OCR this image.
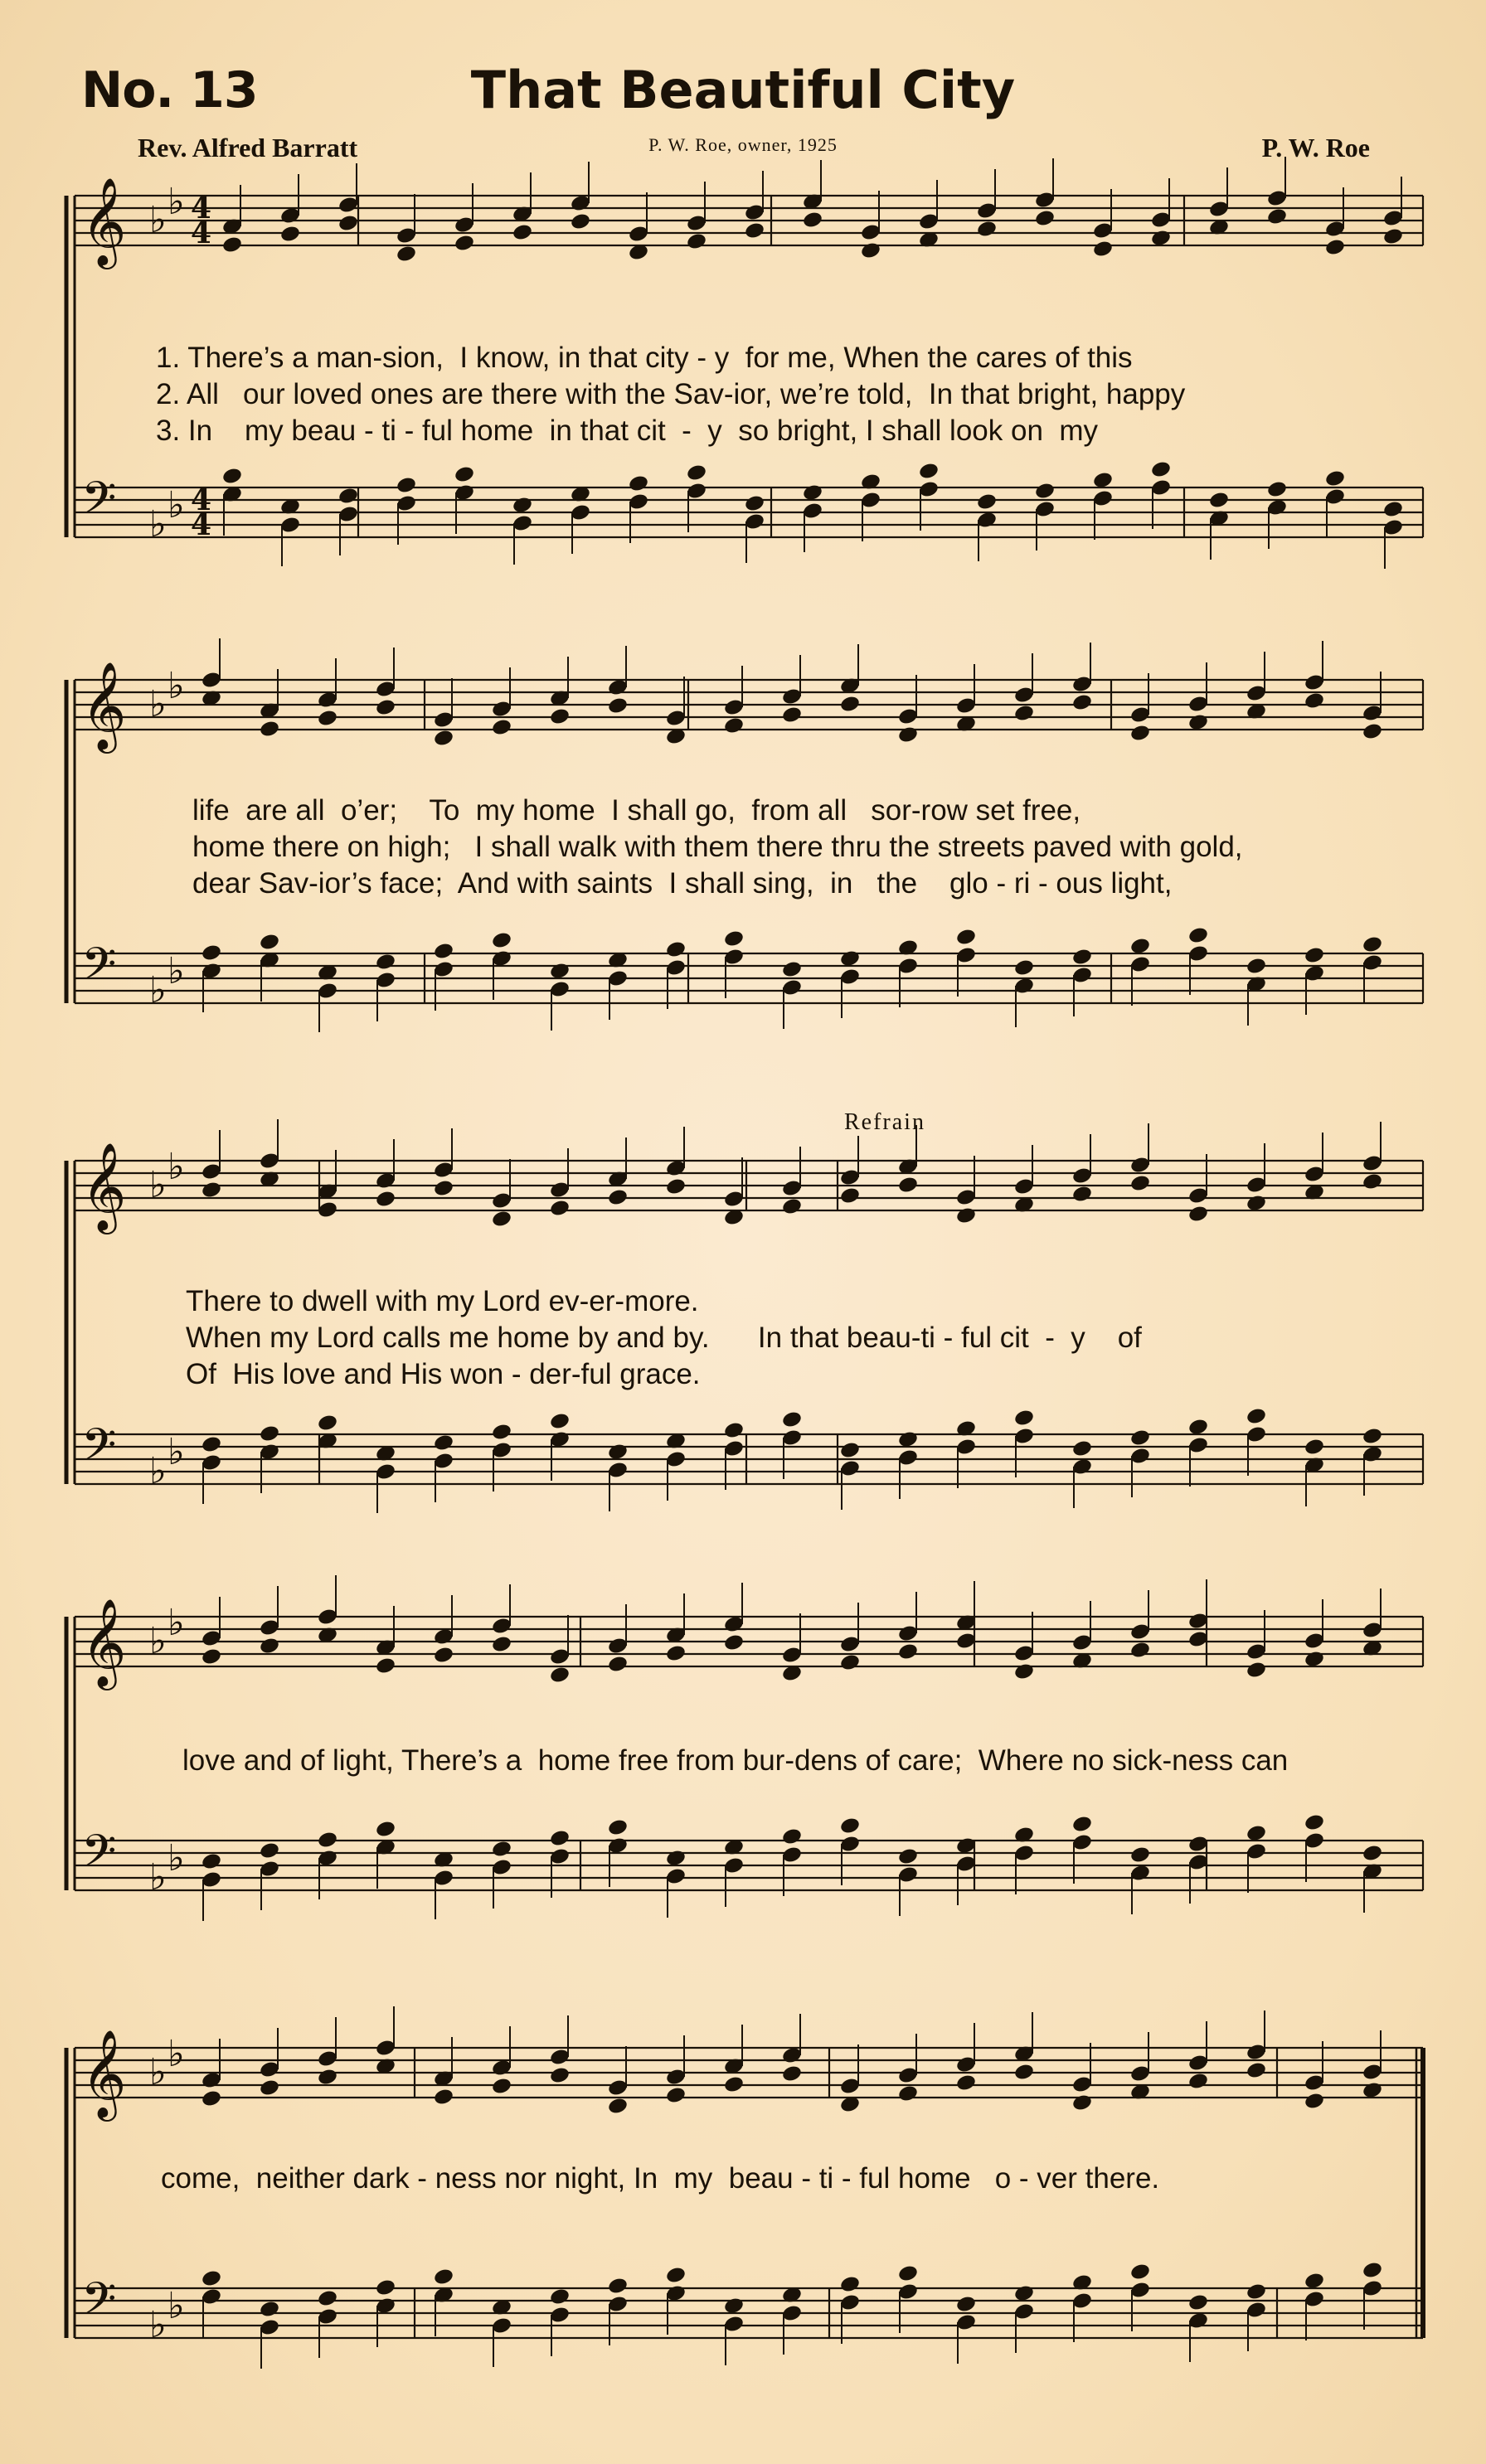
No. 13	That Beautiful City
Rev. Alfred Barratt	P. W. Roe, owner, 1925	P. W. Roe
𝄞 ♭ ♭ 4
4
𝄢 ♭ ♭ 4
4
𝄞 ♭ ♭
𝄢 ♭ ♭
𝄞 ♭ ♭
𝄢 ♭ ♭
𝄞 ♭ ♭
𝄢 ♭ ♭
𝄞 ♭ ♭
𝄢 ♭ ♭
Refrain
1. There’s a man-sion,  I know, in that city - y  for me, When the cares of this
2. All   our loved ones are there with the Sav-ior, we’re told,  In that bright, happy
3. In    my beau - ti - ful home  in that cit  -  y  so bright, I shall look on  my
life  are all  o’er;    To  my home  I shall go,  from all   sor-row set free,
home there on high;   I shall walk with them there thru the streets paved with gold,
dear Sav-ior’s face;  And with saints  I shall sing,  in   the    glo - ri - ous light,
There to dwell with my Lord ev-er-more.
When my Lord calls me home by and by.      In that beau-ti - ful cit  -  y    of
Of  His love and His won - der-ful grace.
love and of light, There’s a  home free from bur-dens of care;  Where no sick-ness can
come,  neither dark - ness nor night, In  my  beau - ti - ful home   o - ver there.
